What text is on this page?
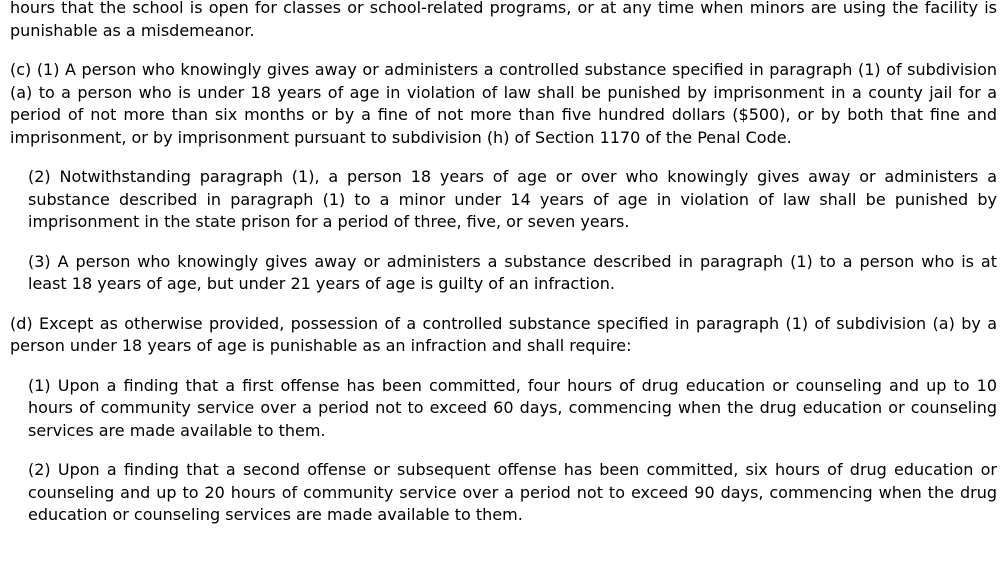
hours that the school is open for classes or school-related programs, or at any time when minors are using the facility is punishable as a misdemeanor.

(c) (1) A person who knowingly gives away or administers a controlled substance specified in paragraph (1) of subdivision (a) to a person who is under 18 years of age in violation of law shall be punished by imprisonment in a county jail for a period of not more than six months or by a fine of not more than five hundred dollars ($500), or by both that fine and imprisonment, or by imprisonment pursuant to subdivision (h) of Section 1170 of the Penal Code.

(2) Notwithstanding paragraph (1), a person 18 years of age or over who knowingly gives away or administers a substance described in paragraph (1) to a minor under 14 years of age in violation of law shall be punished by imprisonment in the state prison for a period of three, five, or seven years.

(3) A person who knowingly gives away or administers a substance described in paragraph (1) to a person who is at least 18 years of age, but under 21 years of age is guilty of an infraction.

(d) Except as otherwise provided, possession of a controlled substance specified in paragraph (1) of subdivision (a) by a person under 18 years of age is punishable as an infraction and shall require:

(1) Upon a finding that a first offense has been committed, four hours of drug education or counseling and up to 10 hours of community service over a period not to exceed 60 days, commencing when the drug education or counseling services are made available to them.

(2) Upon a finding that a second offense or subsequent offense has been committed, six hours of drug education or counseling and up to 20 hours of community service over a period not to exceed 90 days, commencing when the drug education or counseling services are made available to them.
